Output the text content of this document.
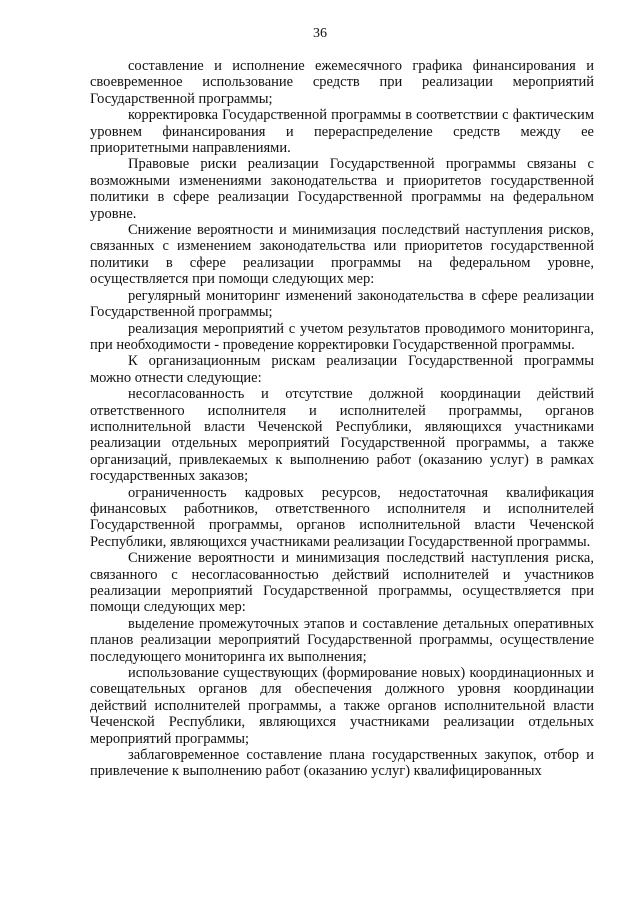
36

составление и исполнение ежемесячного графика финансирования и своевременное использование средств при реализации мероприятий Государственной программы;

корректировка Государственной программы в соответствии с фактическим уровнем финансирования и перераспределение средств между ее приоритетными направлениями.

Правовые риски реализации Государственной программы связаны с возможными изменениями законодательства и приоритетов государственной политики в сфере реализации Государственной программы на федеральном уровне.

Снижение вероятности и минимизация последствий наступления рисков, связанных с изменением законодательства или приоритетов государственной политики в сфере реализации программы на федеральном уровне, осуществляется при помощи следующих мер:

регулярный мониторинг изменений законодательства в сфере реализации Государственной программы;

реализация мероприятий с учетом результатов проводимого мониторинга, при необходимости - проведение корректировки Государственной программы.

К организационным рискам реализации Государственной программы можно отнести следующие:

несогласованность и отсутствие должной координации действий ответственного исполнителя и исполнителей программы, органов исполнительной власти Чеченской Республики, являющихся участниками реализации отдельных мероприятий Государственной программы, а также организаций, привлекаемых к выполнению работ (оказанию услуг) в рамках государственных заказов;

ограниченность кадровых ресурсов, недостаточная квалификация финансовых работников, ответственного исполнителя и исполнителей Государственной программы, органов исполнительной власти Чеченской Республики, являющихся участниками реализации Государственной программы.

Снижение вероятности и минимизация последствий наступления риска, связанного с несогласованностью действий исполнителей и участников реализации мероприятий Государственной программы, осуществляется при помощи следующих мер:

выделение промежуточных этапов и составление детальных оперативных планов реализации мероприятий Государственной программы, осуществление последующего мониторинга их выполнения;

использование существующих (формирование новых) координационных и совещательных органов для обеспечения должного уровня координации действий исполнителей программы, а также органов исполнительной власти Чеченской Республики, являющихся участниками реализации отдельных мероприятий программы;

заблаговременное составление плана государственных закупок, отбор и привлечение к выполнению работ (оказанию услуг) квалифицированных
